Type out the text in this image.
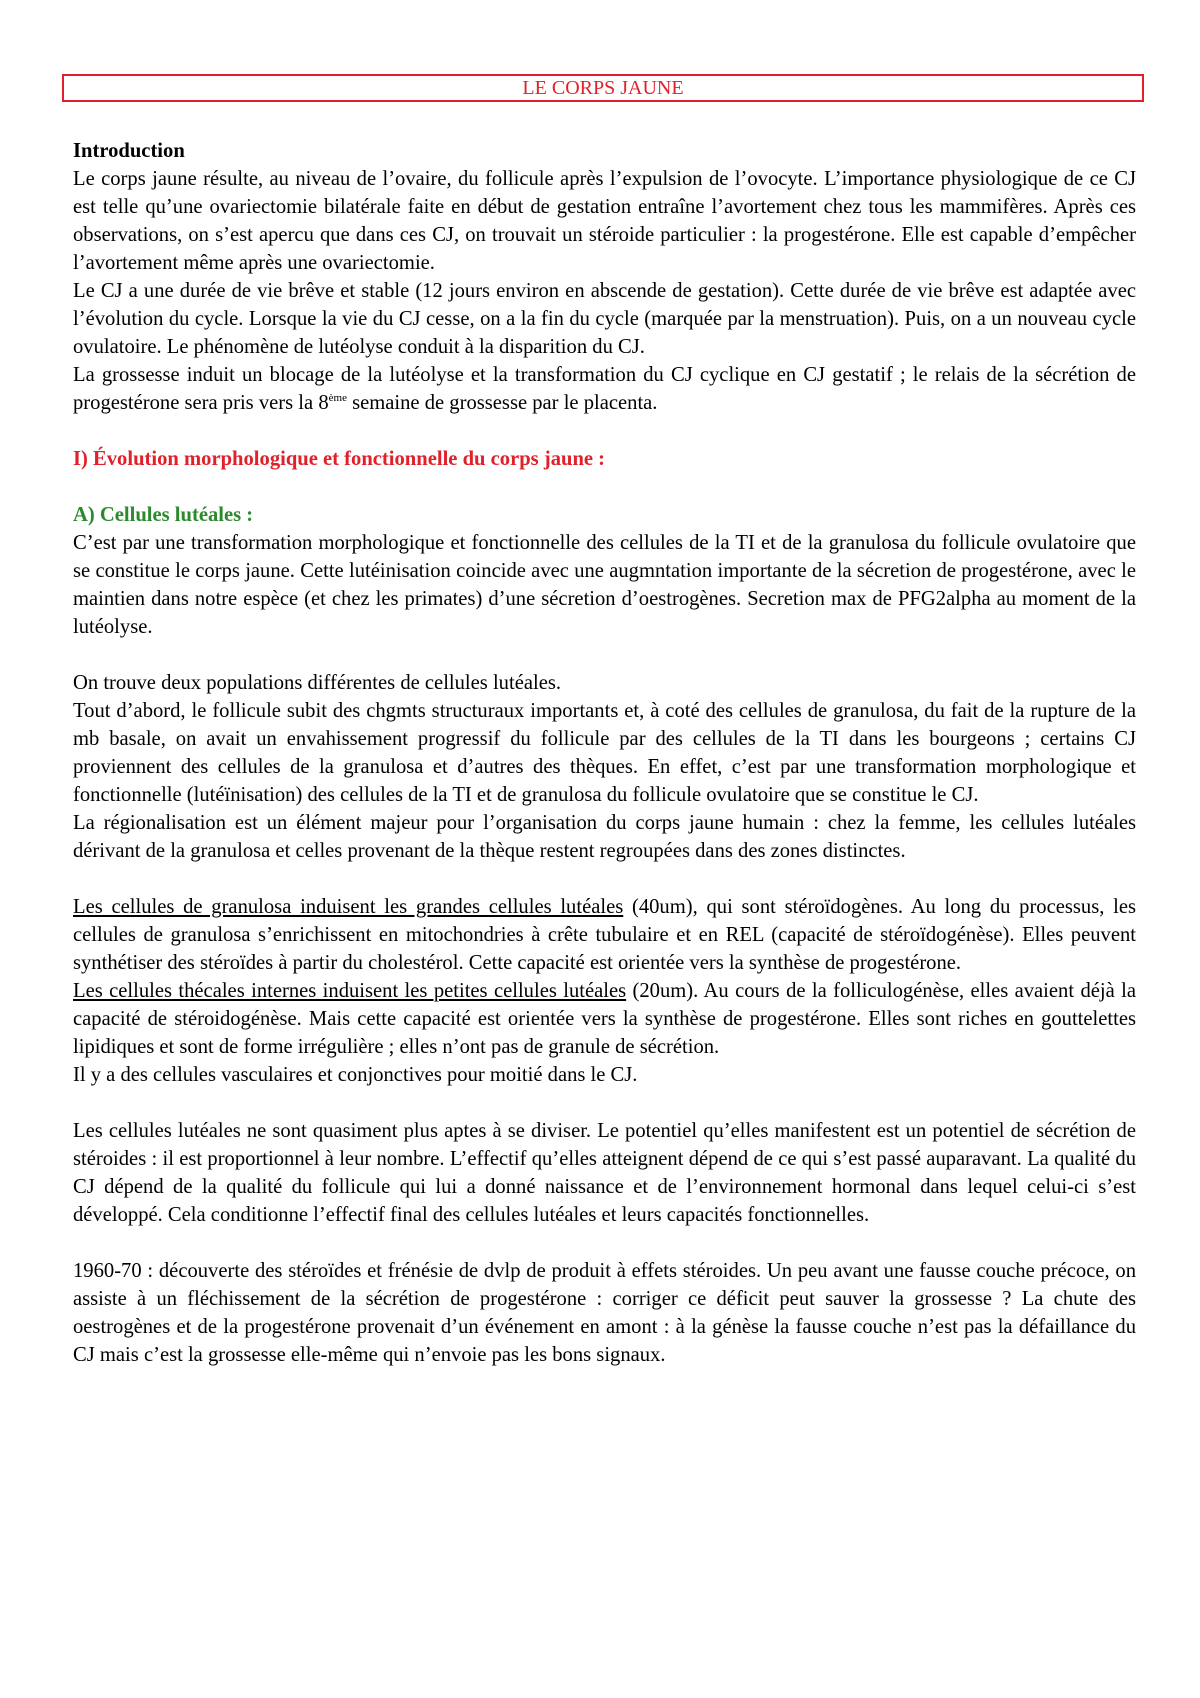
LE CORPS JAUNE

Introduction

Le corps jaune résulte, au niveau de l’ovaire, du follicule après l’expulsion de l’ovocyte. L’importance physiologique de ce CJ est telle qu’une ovariectomie bilatérale faite en début de gestation entraîne l’avortement chez tous les mammifères. Après ces observations, on s’est apercu que dans ces CJ, on trouvait un stéroide particulier : la progestérone. Elle est capable d’empêcher l’avortement même après une ovariectomie.

Le CJ a une durée de vie brêve et stable (12 jours environ en abscende de gestation). Cette durée de vie brêve est adaptée avec l’évolution du cycle. Lorsque la vie du CJ cesse, on a la fin du cycle (marquée par la menstruation). Puis, on a un nouveau cycle ovulatoire. Le phénomène de lutéolyse conduit à la disparition du CJ.

La grossesse induit un blocage de la lutéolyse et la transformation du CJ cyclique en CJ gestatif ; le relais de la sécrétion de progestérone sera pris vers la 8ème semaine de grossesse par le placenta.

I) Évolution morphologique et fonctionnelle du corps jaune :

A) Cellules lutéales :

C’est par une transformation morphologique et fonctionnelle des cellules de la TI et de la granulosa du follicule ovulatoire que se constitue le corps jaune. Cette lutéinisation coincide avec une augmntation importante de la sécretion de progestérone, avec le maintien dans notre espèce (et chez les primates) d’une sécretion d’oestrogènes. Secretion max de PFG2alpha au moment de la lutéolyse.

On trouve deux populations différentes de cellules lutéales.

Tout d’abord, le follicule subit des chgmts structuraux importants et, à coté des cellules de granulosa, du fait de la rupture de la mb basale, on avait un envahissement progressif du follicule par des cellules de la TI dans les bourgeons ; certains CJ proviennent des cellules de la granulosa et d’autres des thèques. En effet, c’est par une transformation morphologique et fonctionnelle (lutéïnisation) des cellules de la TI et de granulosa du follicule ovulatoire que se constitue le CJ.

La régionalisation est un élément majeur pour l’organisation du corps jaune humain : chez la femme, les cellules lutéales dérivant de la granulosa et celles provenant de la thèque restent regroupées dans des zones distinctes.

Les cellules de granulosa induisent les grandes cellules lutéales (40um), qui sont stéroïdogènes. Au long du processus, les cellules de granulosa s’enrichissent en mitochondries à crête tubulaire et en REL (capacité de stéroïdogénèse). Elles peuvent synthétiser des stéroïdes à partir du cholestérol. Cette capacité est orientée vers la synthèse de progestérone.

Les cellules thécales internes induisent les petites cellules lutéales (20um). Au cours de la folliculogénèse, elles avaient déjà la capacité de stéroidogénèse. Mais cette capacité est orientée vers la synthèse de progestérone. Elles sont riches en gouttelettes lipidiques et sont de forme irrégulière ; elles n’ont pas de granule de sécrétion.

Il y a des cellules vasculaires et conjonctives pour moitié dans le CJ.

Les cellules lutéales ne sont quasiment plus aptes à se diviser. Le potentiel qu’elles manifestent est un potentiel de sécrétion de stéroides : il est proportionnel à leur nombre. L’effectif qu’elles atteignent dépend de ce qui s’est passé auparavant. La qualité du CJ dépend de la qualité du follicule qui lui a donné naissance et de l’environnement hormonal dans lequel celui-ci s’est développé. Cela conditionne l’effectif final des cellules lutéales et leurs capacités fonctionnelles.

1960-70 : découverte des stéroïdes et frénésie de dvlp de produit à effets stéroides. Un peu avant une fausse couche précoce, on assiste à un fléchissement de la sécrétion de progestérone : corriger ce déficit peut sauver la grossesse ? La chute des oestrogènes et de la progestérone provenait d’un événement en amont : à la génèse la fausse couche n’est pas la défaillance du CJ mais c’est la grossesse elle-même qui n’envoie pas les bons signaux.
